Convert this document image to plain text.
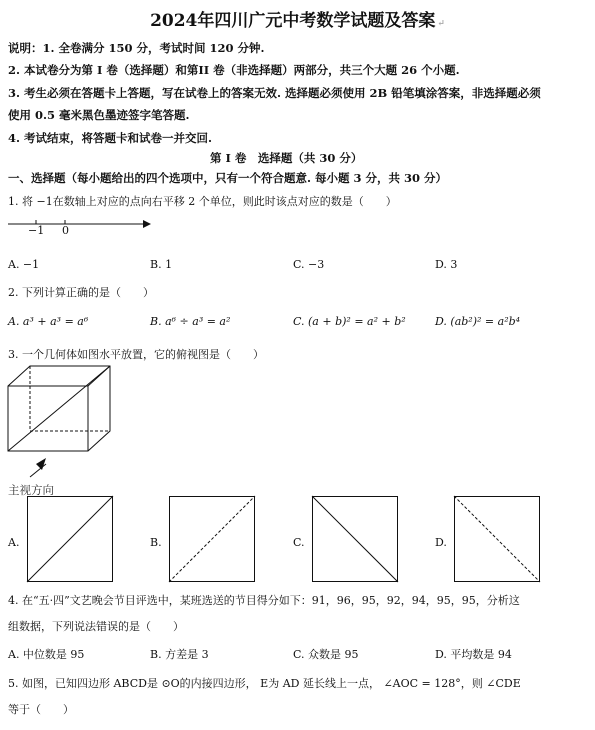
2024年四川广元中考数学试题及答案 ↵
说明：1. 全卷满分 150 分，考试时间 120 分钟.
2. 本试卷分为第 I 卷（选择题）和第II 卷（非选择题）两部分，共三个大题 26 个小题.
3. 考生必须在答题卡上答题，写在试卷上的答案无效. 选择题必须使用 2B 铅笔填涂答案，非选择题必须
使用 0.5 毫米黑色墨迹签字笔答题.
4. 考试结束，将答题卡和试卷一并交回.
第 I 卷　选择题（共 30 分）
一、选择题（每小题给出的四个选项中，只有一个符合题意. 每小题 3 分，共 30 分）
1. 将 −1在数轴上对应的点向右平移 2 个单位，则此时该点对应的数是（　　）
−1 0
A. −1	B. 1	C. −3	D. 3
2. 下列计算正确的是（　　）
A. a³ + a³ = a⁶	B. a⁶ ÷ a³ = a²	C. (a + b)² = a² + b²	D. (ab²)² = a²b⁴
3. 一个几何体如图水平放置，它的俯视图是（　　）
主视方向
A.	B.	C.	D.
4. 在“五·四”文艺晚会节目评选中，某班选送的节目得分如下：91，96，95，92，94，95，95，分析这
组数据，下列说法错误的是（　　）
A. 中位数是 95	B. 方差是 3	C. 众数是 95	D. 平均数是 94
5. 如图，已知四边形 ABCD是 ⊙O的内接四边形， E为 AD 延长线上一点， ∠AOC = 128°，则 ∠CDE
等于（　　）
